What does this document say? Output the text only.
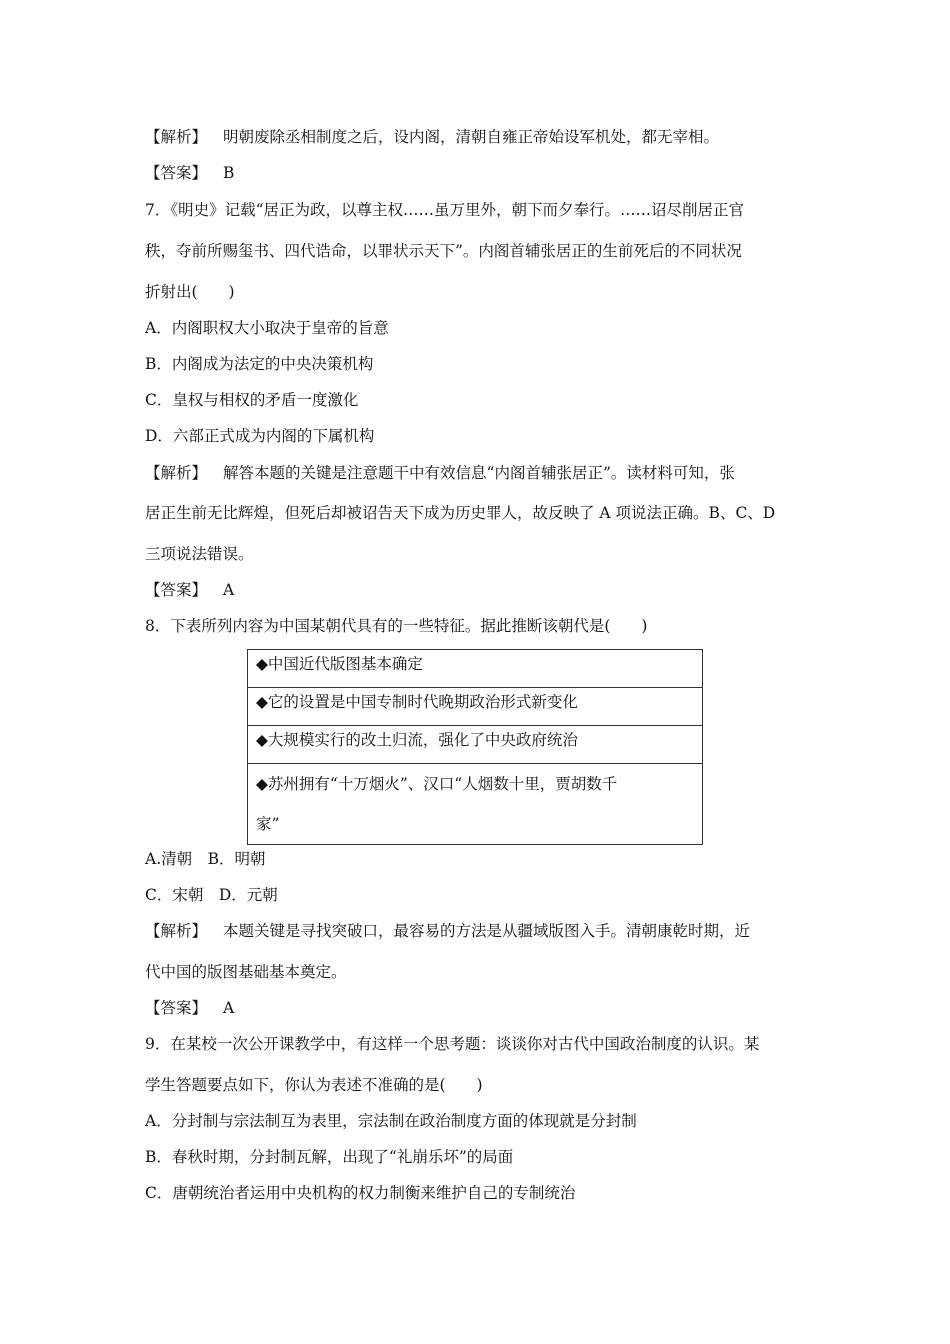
【解析】 明朝废除丞相制度之后，设内阁，清朝自雍正帝始设军机处，都无宰相。
【答案】 B
7．《明史》记载“居正为政，以尊主权……虽万里外，朝下而夕奉行。……诏尽削居正官
秩，夺前所赐玺书、四代诰命，以罪状示天下”。内阁首辅张居正的生前死后的不同状况
折射出(　　)
A．内阁职权大小取决于皇帝的旨意
B．内阁成为法定的中央决策机构
C．皇权与相权的矛盾一度激化
D．六部正式成为内阁的下属机构
【解析】 解答本题的关键是注意题干中有效信息“内阁首辅张居正”。读材料可知，张
居正生前无比辉煌，但死后却被诏告天下成为历史罪人，故反映了 A 项说法正确。B、C、D
三项说法错误。
【答案】 A
8．下表所列内容为中国某朝代具有的一些特征。据此推断该朝代是(　　)
◆中国近代版图基本确定
◆它的设置是中国专制时代晚期政治形式新变化
◆大规模实行的改土归流，强化了中央政府统治
◆苏州拥有“十万烟火”、汉口“人烟数十里，贾胡数千
家”
A.清朝　B．明朝
C．宋朝　D．元朝
【解析】 本题关键是寻找突破口，最容易的方法是从疆域版图入手。清朝康乾时期，近
代中国的版图基础基本奠定。
【答案】 A
9．在某校一次公开课教学中，有这样一个思考题：谈谈你对古代中国政治制度的认识。某
学生答题要点如下，你认为表述不准确的是(　　)
A．分封制与宗法制互为表里，宗法制在政治制度方面的体现就是分封制
B．春秋时期，分封制瓦解，出现了“礼崩乐坏”的局面
C．唐朝统治者运用中央机构的权力制衡来维护自己的专制统治
